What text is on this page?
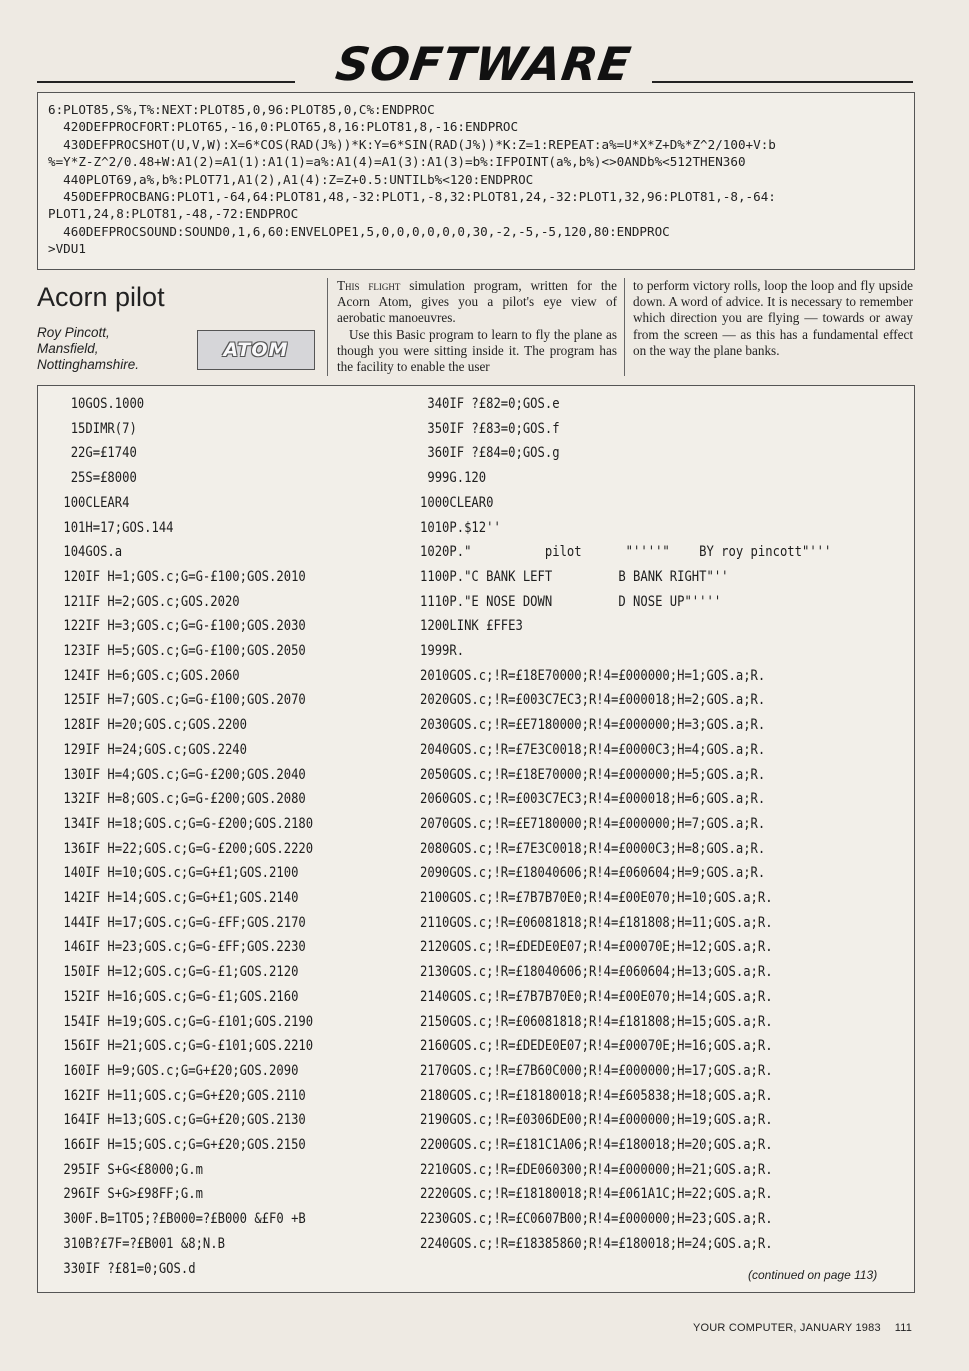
SOFTWARE
6:PLOT85,S%,T%:NEXT:PLOT85,0,96:PLOT85,0,C%:ENDPROC
420DEFPROCFORT:PLOT65,-16,0:PLOT65,8,16:PLOT81,8,-16:ENDPROC
430DEFPROCSHOT(U,V,W):X=6*COS(RAD(J%))*K:Y=6*SIN(RAD(J%))*K:Z=1:REPEAT:a%=U*X*Z+D%*Z^2/100+V:b
%=Y*Z-Z^2/0.48+W:A1(2)=A1(1):A1(1)=a%:A1(4)=A1(3):A1(3)=b%:IFPOINT(a%,b%)<>0ANDb%<512THEN360
440PLOT69,a%,b%:PLOT71,A1(2),A1(4):Z=Z+0.5:UNTILb%<120:ENDPROC
450DEFPROCBANG:PLOT1,-64,64:PLOT81,48,-32:PLOT1,-8,32:PLOT81,24,-32:PLOT1,32,96:PLOT81,-8,-64:
PLOT1,24,8:PLOT81,-48,-72:ENDPROC
460DEFPROCSOUND:SOUND0,1,6,60:ENVELOPE1,5,0,0,0,0,0,0,30,-2,-5,-5,120,80:ENDPROC
>VDU1
Acorn pilot
Roy Pincott,
Mansfield,
Nottinghamshire.
ATOM

This flight simulation program, written for the Acorn Atom, gives you a pilot's eye view of aerobatic manoeuvres.

Use this Basic program to learn to fly the plane as though you were sitting inside it. The program has the facility to enable the user

to perform victory rolls, loop the loop and fly upside down. A word of advice. It is necessary to remember which direction you are flying — towards or away from the screen — as this has a fundamental effect on the way the plane banks.

10GOS.1000
15DIMR(7)
22G=£1740
25S=£8000
100CLEAR4
101H=17;GOS.144
104GOS.a
120IF H=1;GOS.c;G=G-£100;GOS.2010
121IF H=2;GOS.c;GOS.2020
122IF H=3;GOS.c;G=G-£100;GOS.2030
123IF H=5;GOS.c;G=G-£100;GOS.2050
124IF H=6;GOS.c;GOS.2060
125IF H=7;GOS.c;G=G-£100;GOS.2070
128IF H=20;GOS.c;GOS.2200
129IF H=24;GOS.c;GOS.2240
130IF H=4;GOS.c;G=G-£200;GOS.2040
132IF H=8;GOS.c;G=G-£200;GOS.2080
134IF H=18;GOS.c;G=G-£200;GOS.2180
136IF H=22;GOS.c;G=G-£200;GOS.2220
140IF H=10;GOS.c;G=G+£1;GOS.2100
142IF H=14;GOS.c;G=G+£1;GOS.2140
144IF H=17;GOS.c;G=G-£FF;GOS.2170
146IF H=23;GOS.c;G=G-£FF;GOS.2230
150IF H=12;GOS.c;G=G-£1;GOS.2120
152IF H=16;GOS.c;G=G-£1;GOS.2160
154IF H=19;GOS.c;G=G-£101;GOS.2190
156IF H=21;GOS.c;G=G-£101;GOS.2210
160IF H=9;GOS.c;G=G+£20;GOS.2090
162IF H=11;GOS.c;G=G+£20;GOS.2110
164IF H=13;GOS.c;G=G+£20;GOS.2130
166IF H=15;GOS.c;G=G+£20;GOS.2150
295IF S+G<£8000;G.m
296IF S+G>£98FF;G.m
300F.B=1TO5;?£B000=?£B000 &£F0 +B
310B?£7F=?£B001 &8;N.B
330IF ?£81=0;GOS.d
340IF ?£82=0;GOS.e
350IF ?£83=0;GOS.f
360IF ?£84=0;GOS.g
999G.120
1000CLEAR0
1010P.$12''
1020P."          pilot      "''''"    BY roy pincott"'''
1100P."C BANK LEFT         B BANK RIGHT"''
1110P."E NOSE DOWN         D NOSE UP"''''
1200LINK £FFE3
1999R.
2010GOS.c;!R=£18E70000;R!4=£000000;H=1;GOS.a;R.
2020GOS.c;!R=£003C7EC3;R!4=£000018;H=2;GOS.a;R.
2030GOS.c;!R=£E7180000;R!4=£000000;H=3;GOS.a;R.
2040GOS.c;!R=£7E3C0018;R!4=£0000C3;H=4;GOS.a;R.
2050GOS.c;!R=£18E70000;R!4=£000000;H=5;GOS.a;R.
2060GOS.c;!R=£003C7EC3;R!4=£000018;H=6;GOS.a;R.
2070GOS.c;!R=£E7180000;R!4=£000000;H=7;GOS.a;R.
2080GOS.c;!R=£7E3C0018;R!4=£0000C3;H=8;GOS.a;R.
2090GOS.c;!R=£18040606;R!4=£060604;H=9;GOS.a;R.
2100GOS.c;!R=£7B7B70E0;R!4=£00E070;H=10;GOS.a;R.
2110GOS.c;!R=£06081818;R!4=£181808;H=11;GOS.a;R.
2120GOS.c;!R=£DEDE0E07;R!4=£00070E;H=12;GOS.a;R.
2130GOS.c;!R=£18040606;R!4=£060604;H=13;GOS.a;R.
2140GOS.c;!R=£7B7B70E0;R!4=£00E070;H=14;GOS.a;R.
2150GOS.c;!R=£06081818;R!4=£181808;H=15;GOS.a;R.
2160GOS.c;!R=£DEDE0E07;R!4=£00070E;H=16;GOS.a;R.
2170GOS.c;!R=£7B60C000;R!4=£000000;H=17;GOS.a;R.
2180GOS.c;!R=£18180018;R!4=£605838;H=18;GOS.a;R.
2190GOS.c;!R=£0306DE00;R!4=£000000;H=19;GOS.a;R.
2200GOS.c;!R=£181C1A06;R!4=£180018;H=20;GOS.a;R.
2210GOS.c;!R=£DE060300;R!4=£000000;H=21;GOS.a;R.
2220GOS.c;!R=£18180018;R!4=£061A1C;H=22;GOS.a;R.
2230GOS.c;!R=£C0607B00;R!4=£000000;H=23;GOS.a;R.
2240GOS.c;!R=£18385860;R!4=£180018;H=24;GOS.a;R.
(continued on page 113)
YOUR COMPUTER, JANUARY 1983 111
